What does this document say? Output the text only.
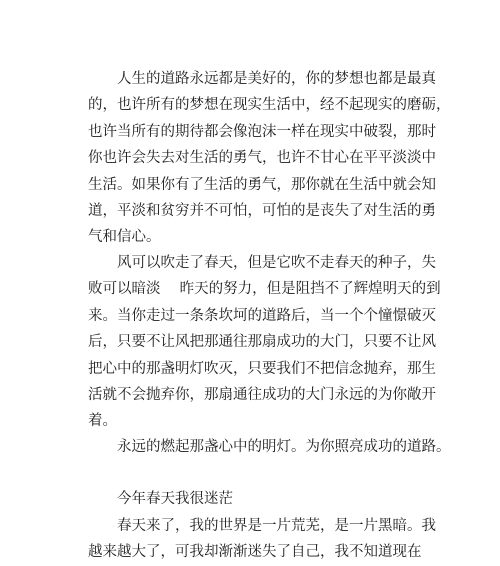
人生的道路永远都是美好的，你的梦想也都是最真
的，也许所有的梦想在现实生活中，经不起现实的磨砺，
也许当所有的期待都会像泡沫一样在现实中破裂，那时
你也许会失去对生活的勇气，也许不甘心在平平淡淡中
生活。如果你有了生活的勇气，那你就在生活中就会知
道，平淡和贫穷并不可怕，可怕的是丧失了对生活的勇
气和信心。
风可以吹走了春天，但是它吹不走春天的种子，失
败可以暗淡　 昨天的努力，但是阻挡不了辉煌明天的到
来。当你走过一条条坎坷的道路后，当一个个憧憬破灭
后，只要不让风把那通往那扇成功的大门，只要不让风
把心中的那盏明灯吹灭，只要我们不把信念抛弃，那生
活就不会抛弃你，那扇通往成功的大门永远的为你敞开
着。
永远的燃起那盏心中的明灯。为你照亮成功的道路。
今年春天我很迷茫
春天来了，我的世界是一片荒芜，是一片黑暗。我
越来越大了，可我却渐渐迷失了自己，我不知道现在
